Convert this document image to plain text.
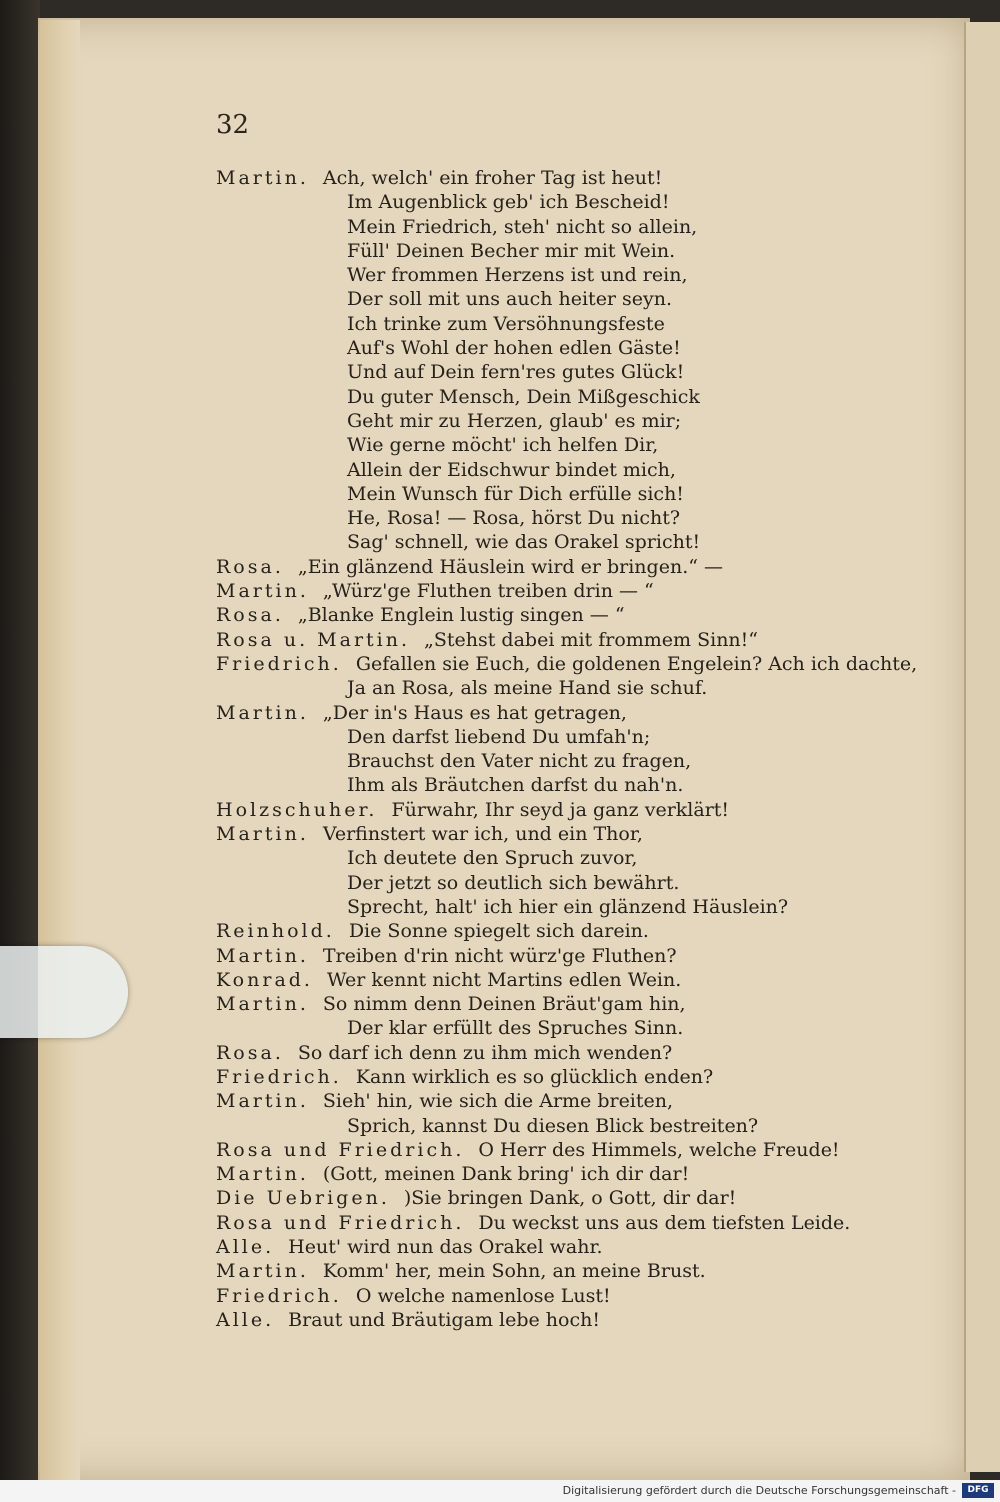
32
Martin. Ach, welch' ein froher Tag ist heut!
Im Augenblick geb' ich Bescheid!
Mein Friedrich, steh' nicht so allein,
Füll' Deinen Becher mir mit Wein.
Wer frommen Herzens ist und rein,
Der soll mit uns auch heiter seyn.
Ich trinke zum Versöhnungsfeste
Auf's Wohl der hohen edlen Gäste!
Und auf Dein fern'res gutes Glück!
Du guter Mensch, Dein Mißgeschick
Geht mir zu Herzen, glaub' es mir;
Wie gerne möcht' ich helfen Dir,
Allein der Eidschwur bindet mich,
Mein Wunsch für Dich erfülle sich!
He, Rosa! — Rosa, hörst Du nicht?
Sag' schnell, wie das Orakel spricht!
Rosa. „Ein glänzend Häuslein wird er bringen.“ —
Martin. „Würz'ge Fluthen treiben drin — “
Rosa. „Blanke Englein lustig singen — “
Rosa u. Martin. „Stehst dabei mit frommem Sinn!“
Friedrich. Gefallen sie Euch, die goldenen Engelein? Ach ich dachte,
Ja an Rosa, als meine Hand sie schuf.
Martin. „Der in's Haus es hat getragen,
Den darfst liebend Du umfah'n;
Brauchst den Vater nicht zu fragen,
Ihm als Bräutchen darfst du nah'n.
Holzschuher. Fürwahr, Ihr seyd ja ganz verklärt!
Martin. Verfinstert war ich, und ein Thor,
Ich deutete den Spruch zuvor,
Der jetzt so deutlich sich bewährt.
Sprecht, halt' ich hier ein glänzend Häuslein?
Reinhold. Die Sonne spiegelt sich darein.
Martin. Treiben d'rin nicht würz'ge Fluthen?
Konrad. Wer kennt nicht Martins edlen Wein.
Martin. So nimm denn Deinen Bräut'gam hin,
Der klar erfüllt des Spruches Sinn.
Rosa. So darf ich denn zu ihm mich wenden?
Friedrich. Kann wirklich es so glücklich enden?
Martin. Sieh' hin, wie sich die Arme breiten,
Sprich, kannst Du diesen Blick bestreiten?
Rosa und Friedrich. O Herr des Himmels, welche Freude!
Martin. (Gott, meinen Dank bring' ich dir dar!
Die Uebrigen. )Sie bringen Dank, o Gott, dir dar!
Rosa und Friedrich. Du weckst uns aus dem tiefsten Leide.
Alle. Heut' wird nun das Orakel wahr.
Martin. Komm' her, mein Sohn, an meine Brust.
Friedrich. O welche namenlose Lust!
Alle. Braut und Bräutigam lebe hoch!
Digitalisierung gefördert durch die Deutsche Forschungsgemeinschaft -	DFG
